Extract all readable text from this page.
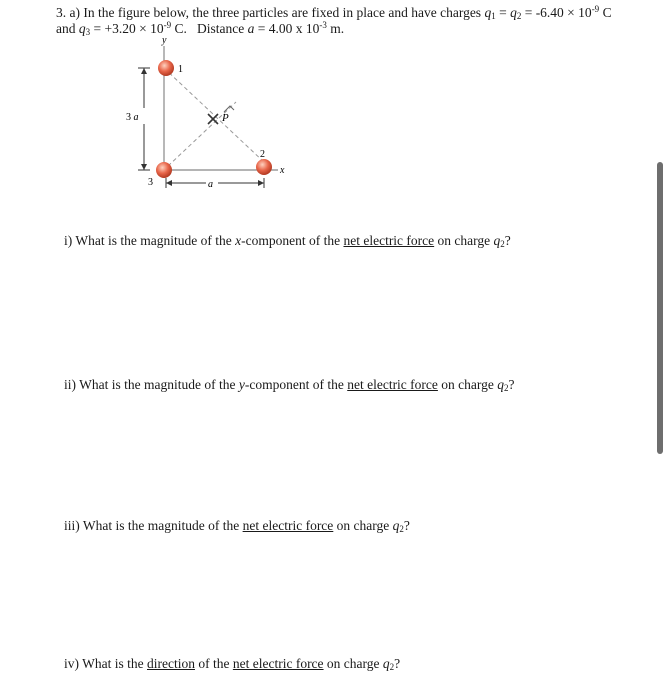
3. a) In the figure below, the three particles are fixed in place and have charges $q_1 = q_2 = -6.40 \times 10^{-9}$ C
and $q_3 = +3.20 \times 10^{-9}$ C. Distance a = 4.00 x $10^{-3}$ m.
y
x
3 a
a
P
1
3
2
i) What is the magnitude of the x-component of the net electric force on charge $q_2$?
ii) What is the magnitude of the y-component of the net electric force on charge $q_2$?
iii) What is the magnitude of the net electric force on charge $q_2$?
iv) What is the direction of the net electric force on charge $q_2$?
